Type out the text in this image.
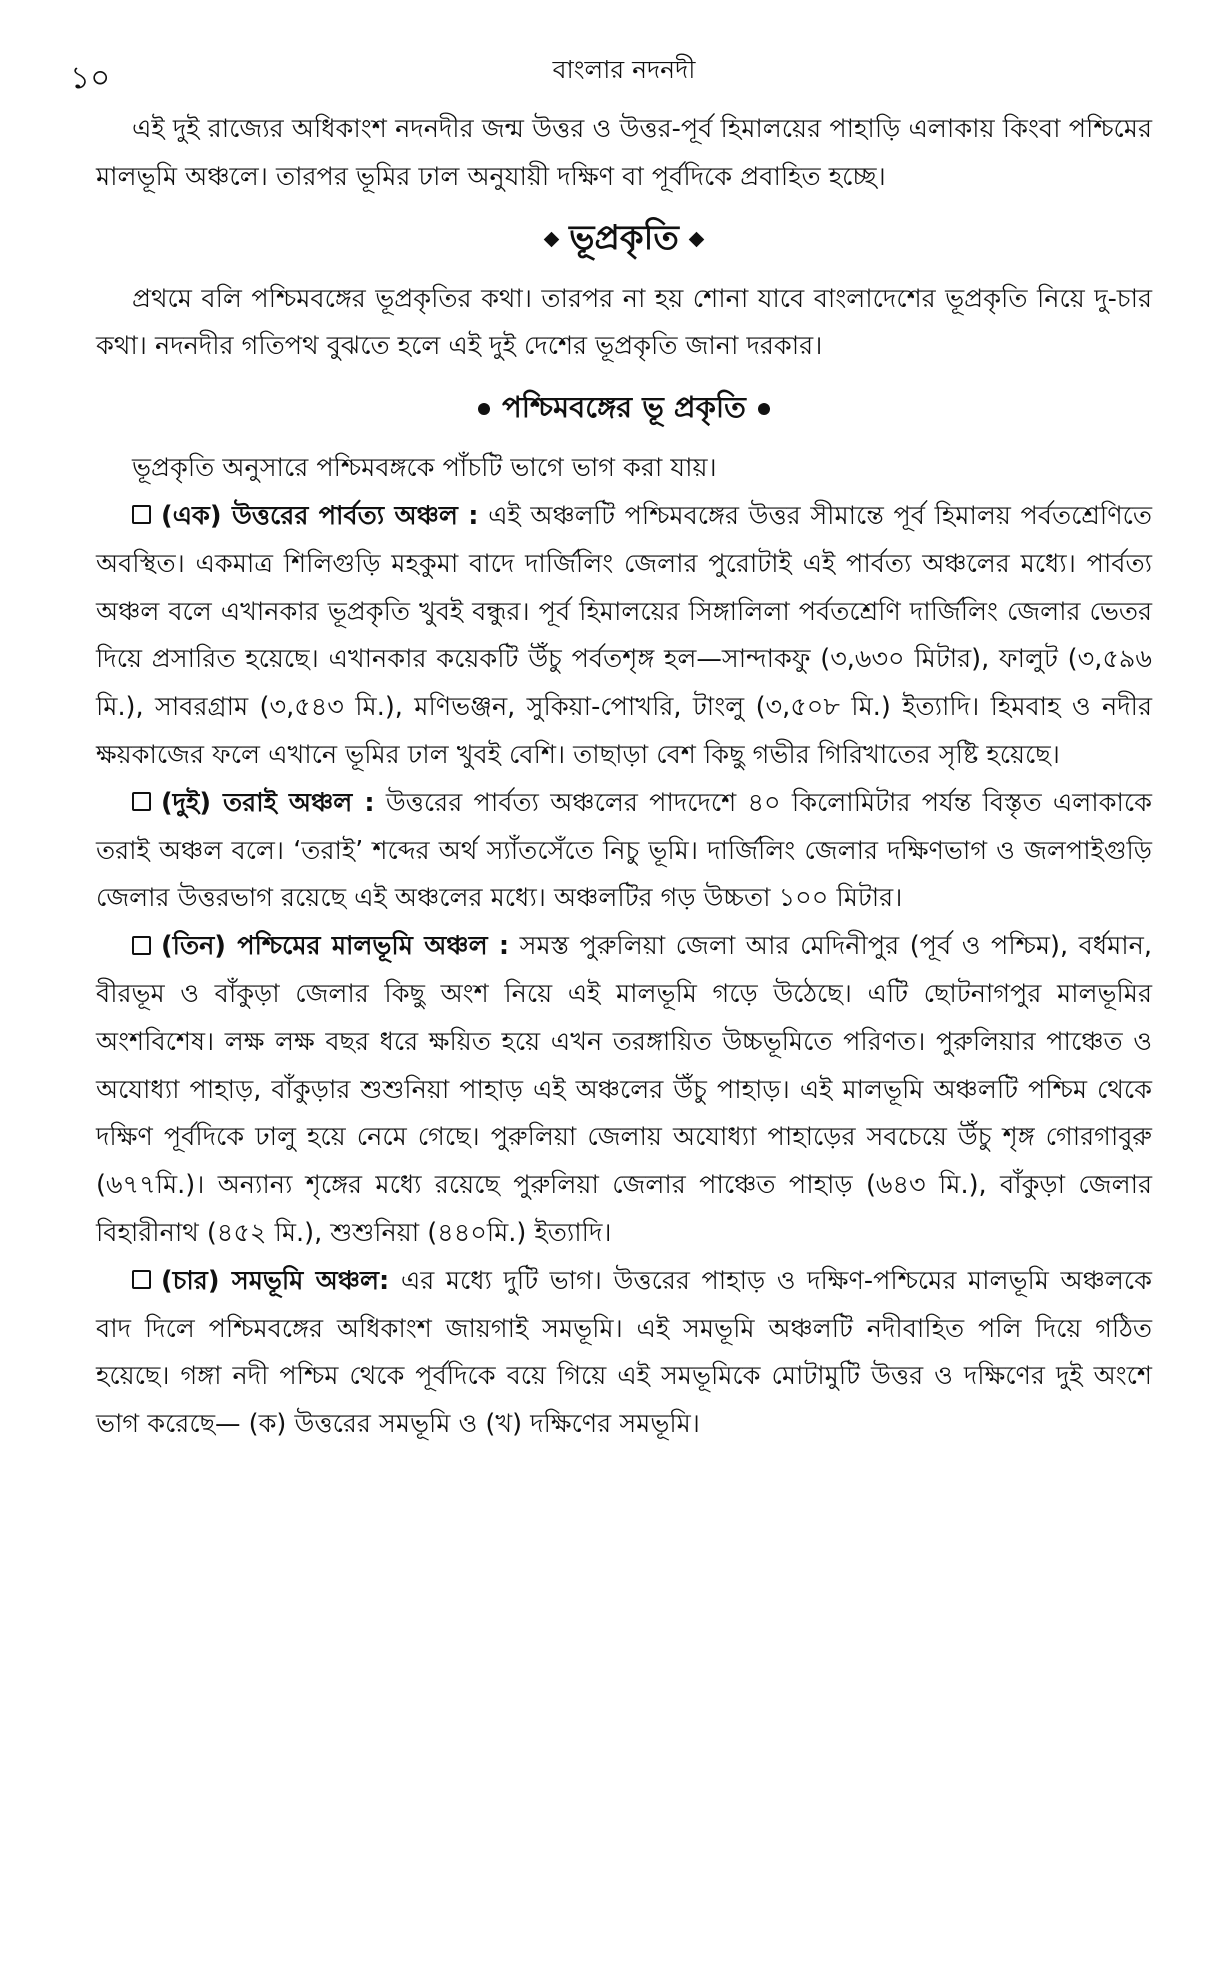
১০	বাংলার নদনদী

এই দুই রাজ্যের অধিকাংশ নদনদীর জন্ম উত্তর ও উত্তর-পূর্ব হিমালয়ের পাহাড়ি এলাকায় কিংবা পশ্চিমের মালভূমি অঞ্চলে। তারপর ভূমির ঢাল অনুযায়ী দক্ষিণ বা পূর্বদিকে প্রবাহিত হচ্ছে।

ভূপ্রকৃতি

প্রথমে বলি পশ্চিমবঙ্গের ভূপ্রকৃতির কথা। তারপর না হয় শোনা যাবে বাংলাদেশের ভূপ্রকৃতি নিয়ে দু-চার কথা। নদনদীর গতিপথ বুঝতে হলে এই দুই দেশের ভূপ্রকৃতি জানা দরকার।

পশ্চিমবঙ্গের ভূ প্রকৃতি

ভূপ্রকৃতি অনুসারে পশ্চিমবঙ্গকে পাঁচটি ভাগে ভাগ করা যায়।

(এক) উত্তরের পার্বত্য অঞ্চল : এই অঞ্চলটি পশ্চিমবঙ্গের উত্তর সীমান্তে পূর্ব হিমালয় পর্বতশ্রেণিতে অবস্থিত। একমাত্র শিলিগুড়ি মহকুমা বাদে দার্জিলিং জেলার পুরোটাই এই পার্বত্য অঞ্চলের মধ্যে। পার্বত্য অঞ্চল বলে এখানকার ভূপ্রকৃতি খুবই বন্ধুর। পূর্ব হিমালয়ের সিঙ্গালিলা পর্বতশ্রেণি দার্জিলিং জেলার ভেতর দিয়ে প্রসারিত হয়েছে। এখানকার কয়েকটি উঁচু পর্বতশৃঙ্গ হল—সান্দাকফু (৩,৬৩০ মিটার), ফালুট (৩,৫৯৬ মি.), সাবরগ্রাম (৩,৫৪৩ মি.), মণিভঞ্জন, সুকিয়া-পোখরি, টাংলু (৩,৫০৮ মি.) ইত্যাদি। হিমবাহ ও নদীর ক্ষয়কাজের ফলে এখানে ভূমির ঢাল খুবই বেশি। তাছাড়া বেশ কিছু গভীর গিরিখাতের সৃষ্টি হয়েছে।

(দুই) তরাই অঞ্চল : উত্তরের পার্বত্য অঞ্চলের পাদদেশে ৪০ কিলোমিটার পর্যন্ত বিস্তৃত এলাকাকে তরাই অঞ্চল বলে। ‘তরাই’ শব্দের অর্থ স্যাঁতসেঁতে নিচু ভূমি। দার্জিলিং জেলার দক্ষিণভাগ ও জলপাইগুড়ি জেলার উত্তরভাগ রয়েছে এই অঞ্চলের মধ্যে। অঞ্চলটির গড় উচ্চতা ১০০ মিটার।

(তিন) পশ্চিমের মালভূমি অঞ্চল : সমস্ত পুরুলিয়া জেলা আর মেদিনীপুর (পূর্ব ও পশ্চিম), বর্ধমান, বীরভূম ও বাঁকুড়া জেলার কিছু অংশ নিয়ে এই মালভূমি গড়ে উঠেছে। এটি ছোটনাগপুর মালভূমির অংশবিশেষ। লক্ষ লক্ষ বছর ধরে ক্ষয়িত হয়ে এখন তরঙ্গায়িত উচ্চভূমিতে পরিণত। পুরুলিয়ার পাঞ্চেত ও অযোধ্যা পাহাড়, বাঁকুড়ার শুশুনিয়া পাহাড় এই অঞ্চলের উঁচু পাহাড়। এই মালভূমি অঞ্চলটি পশ্চিম থেকে দক্ষিণ পূর্বদিকে ঢালু হয়ে নেমে গেছে। পুরুলিয়া জেলায় অযোধ্যা পাহাড়ের সবচেয়ে উঁচু শৃঙ্গ গোরগাবুরু (৬৭৭মি.)। অন্যান্য শৃঙ্গের মধ্যে রয়েছে পুরুলিয়া জেলার পাঞ্চেত পাহাড় (৬৪৩ মি.), বাঁকুড়া জেলার বিহারীনাথ (৪৫২ মি.), শুশুনিয়া (৪৪০মি.) ইত্যাদি।

(চার) সমভূমি অঞ্চল: এর মধ্যে দুটি ভাগ। উত্তরের পাহাড় ও দক্ষিণ-পশ্চিমের মালভূমি অঞ্চলকে বাদ দিলে পশ্চিমবঙ্গের অধিকাংশ জায়গাই সমভূমি। এই সমভূমি অঞ্চলটি নদীবাহিত পলি দিয়ে গঠিত হয়েছে। গঙ্গা নদী পশ্চিম থেকে পূর্বদিকে বয়ে গিয়ে এই সমভূমিকে মোটামুটি উত্তর ও দক্ষিণের দুই অংশে ভাগ করেছে— (ক) উত্তরের সমভূমি ও (খ) দক্ষিণের সমভূমি।
